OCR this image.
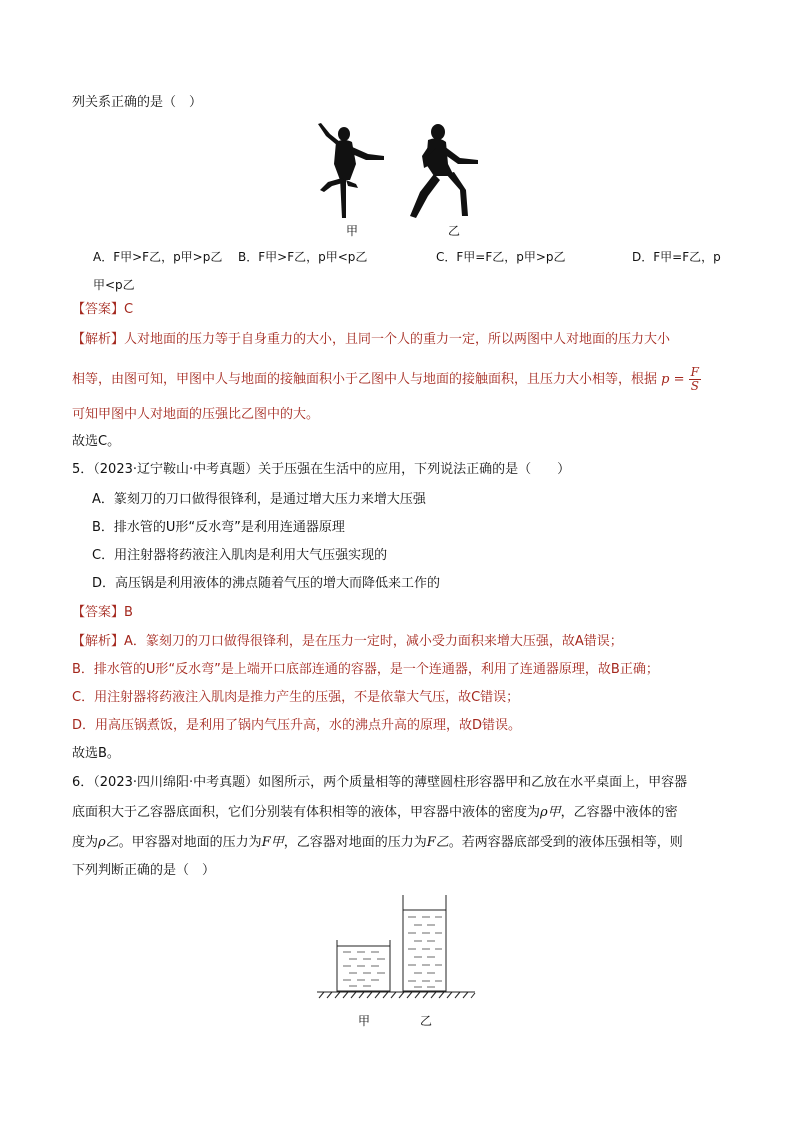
列关系正确的是（　）
甲	乙
A．F甲>F乙，p甲>p乙 B．F甲>F乙，p甲<p乙	C．F甲=F乙，p甲>p乙	D．F甲=F乙，p
甲<p乙
【答案】C
【解析】人对地面的压力等于自身重力的大小，且同一个人的重力一定，所以两图中人对地面的压力大小
相等，由图可知，甲图中人与地面的接触面积小于乙图中人与地面的接触面积，且压力大小相等，根据 $p = \frac{F}{S}$
可知甲图中人对地面的压强比乙图中的大。
故选C。
5．（2023·辽宁鞍山·中考真题）关于压强在生活中的应用，下列说法正确的是（　　）
A．篆刻刀的刀口做得很锋利，是通过增大压力来增大压强
B．排水管的U形“反水弯”是利用连通器原理
C．用注射器将药液注入肌肉是利用大气压强实现的
D．高压锅是利用液体的沸点随着气压的增大而降低来工作的
【答案】B
【解析】A．篆刻刀的刀口做得很锋利，是在压力一定时，减小受力面积来增大压强，故A错误；
B．排水管的U形“反水弯”是上端开口底部连通的容器，是一个连通器，利用了连通器原理，故B正确；
C．用注射器将药液注入肌肉是推力产生的压强，不是依靠大气压，故C错误；
D．用高压锅煮饭，是利用了锅内气压升高，水的沸点升高的原理，故D错误。
故选B。
6．（2023·四川绵阳·中考真题）如图所示，两个质量相等的薄壁圆柱形容器甲和乙放在水平桌面上，甲容器
底面积大于乙容器底面积，它们分别装有体积相等的液体，甲容器中液体的密度为ρ甲，乙容器中液体的密
度为ρ乙。甲容器对地面的压力为F甲，乙容器对地面的压力为F乙。若两容器底部受到的液体压强相等，则
下列判断正确的是（　）
甲	乙
